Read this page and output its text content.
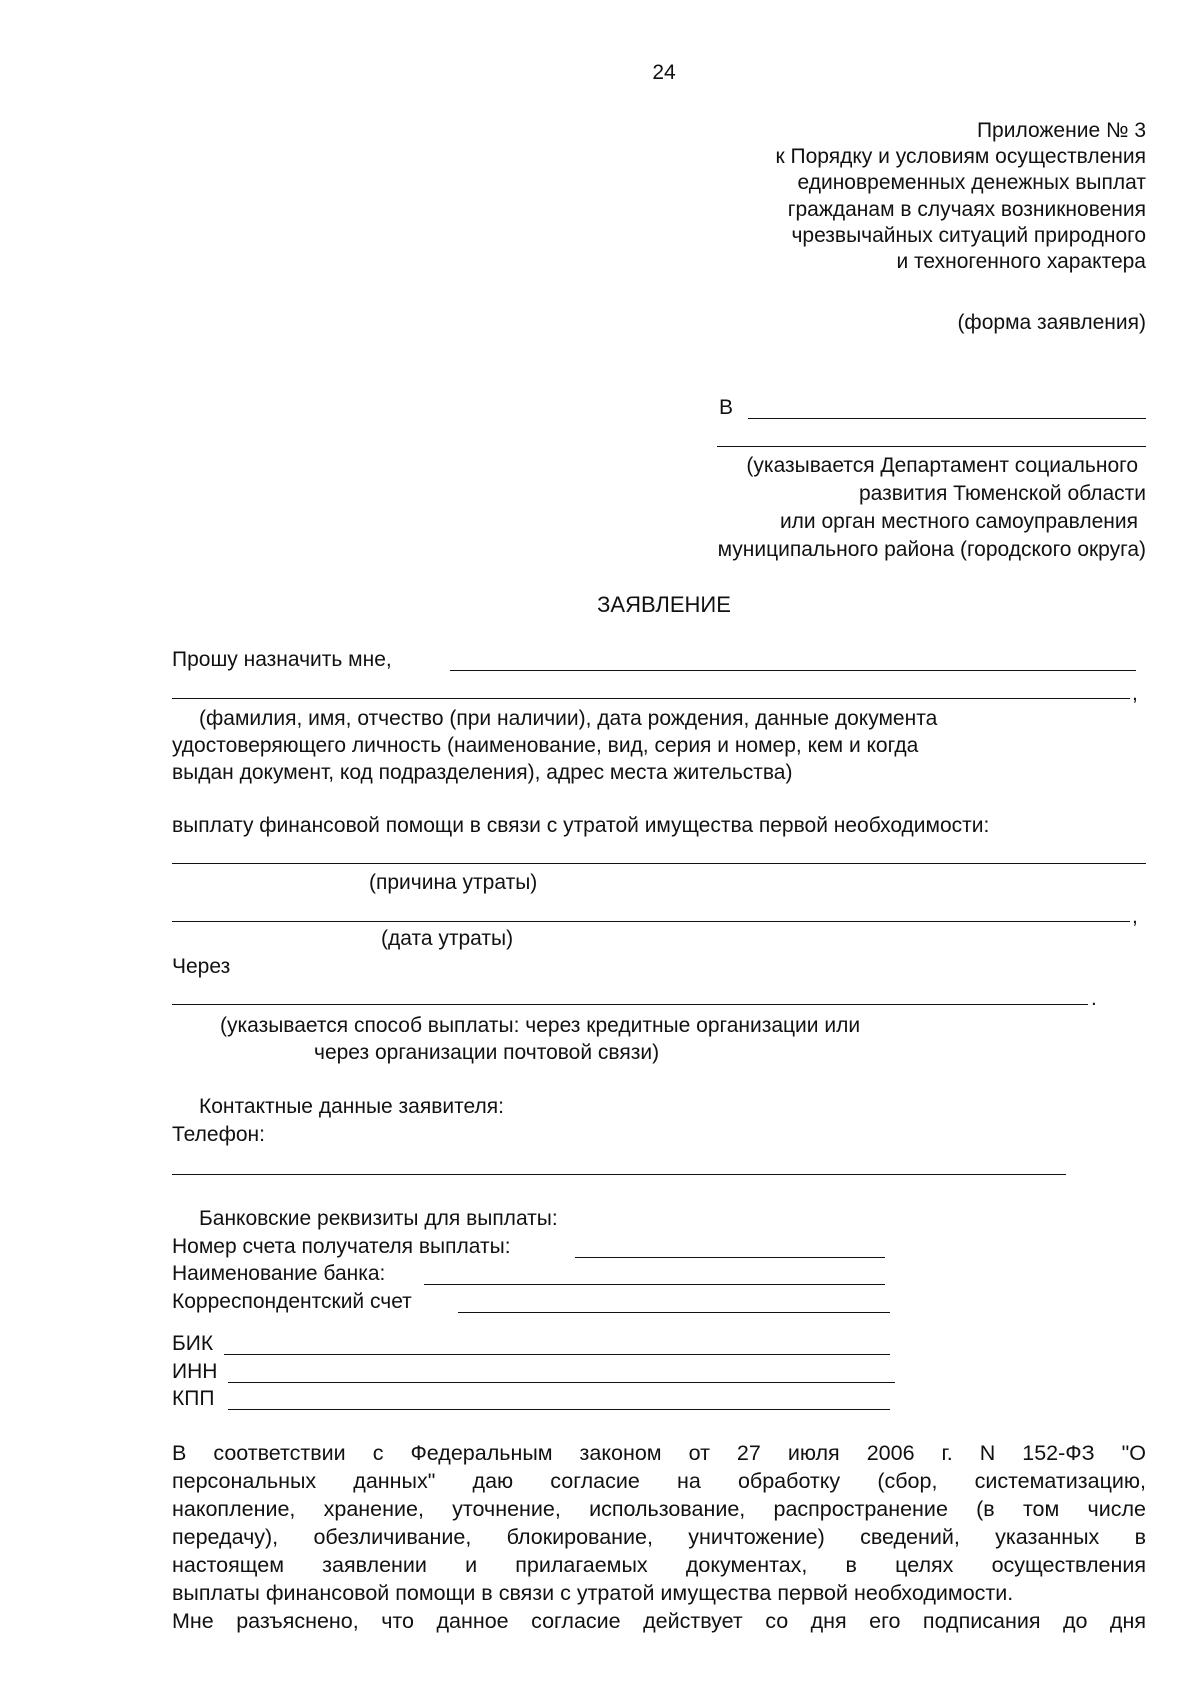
24
Приложение № 3
к Порядку и условиям осуществления
единовременных денежных выплат
гражданам в случаях возникновения
чрезвычайных ситуаций природного
и техногенного характера
(форма заявления)
В
(указывается Департамент социального
развития Тюменской области
или орган местного самоуправления
муниципального района (городского округа)
ЗАЯВЛЕНИЕ
Прошу назначить мне,
,
(фамилия, имя, отчество (при наличии), дата рождения, данные документа
удостоверяющего личность (наименование, вид, серия и номер, кем и когда
выдан документ, код подразделения), адрес места жительства)
выплату финансовой помощи в связи с утратой имущества первой необходимости:
(причина утраты)
,
(дата утраты)
Через
.
(указывается способ выплаты: через кредитные организации или
через организации почтовой связи)
Контактные данные заявителя:
Телефон:
Банковские реквизиты для выплаты:
Номер счета получателя выплаты:
Наименование банка:
Корреспондентский счет
БИК
ИНН
КПП
В соответствии с Федеральным законом от 27 июля 2006 г. N 152-ФЗ "О
персональных данных" даю согласие на обработку (сбор, систематизацию,
накопление, хранение, уточнение, использование, распространение (в том числе
передачу), обезличивание, блокирование, уничтожение) сведений, указанных в
настоящем заявлении и прилагаемых документах, в целях осуществления
выплаты финансовой помощи в связи с утратой имущества первой необходимости.
Мне разъяснено, что данное согласие действует со дня его подписания до дня
